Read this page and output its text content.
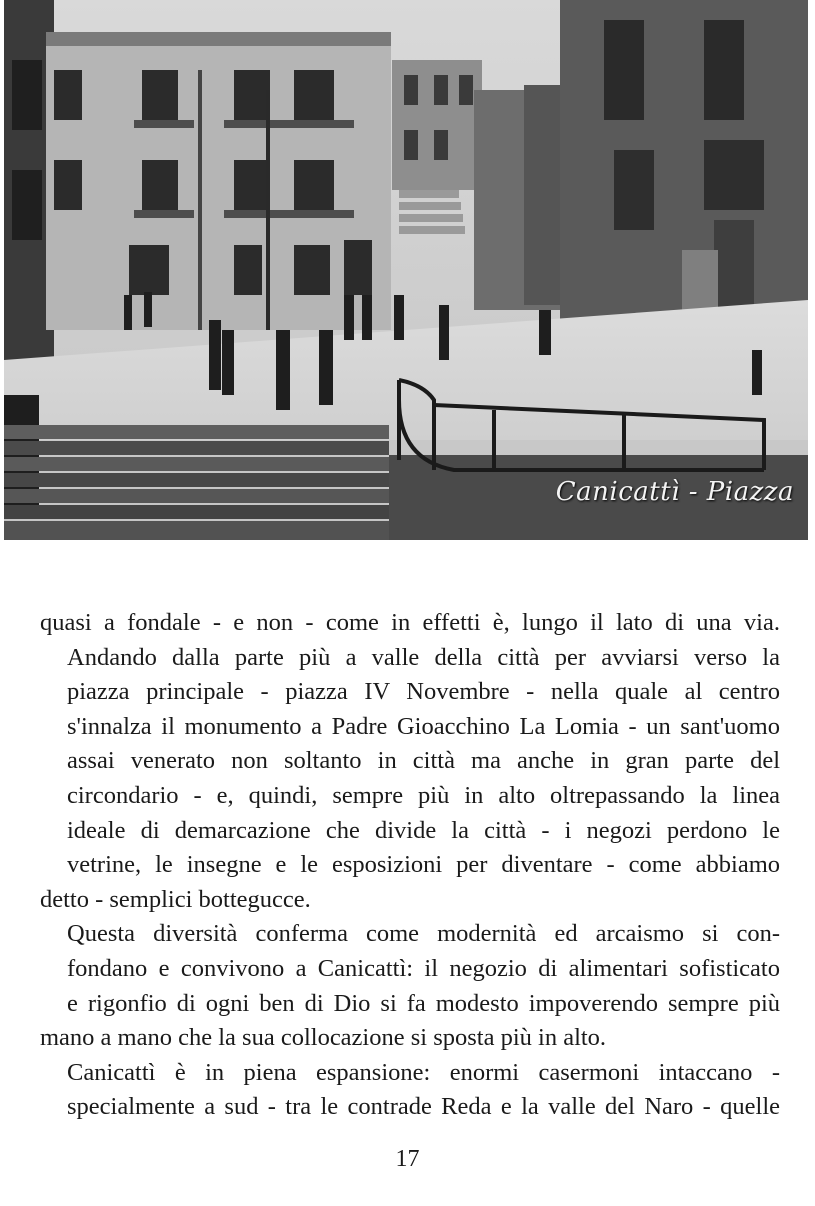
Canicattì - Piazza

quasi a fondale - e non - come in effetti è, lungo il lato di una via.

Andando dalla parte più a valle della città per avviarsi verso la
piazza principale - piazza IV Novembre - nella quale al centro
s'innalza il monumento a Padre Gioacchino La Lomia - un sant'uomo
assai venerato non soltanto in città ma anche in gran parte del
circondario - e, quindi, sempre più in alto oltrepassando la linea
ideale di demarcazione che divide la città - i negozi perdono le
vetrine, le insegne e le esposizioni per diventare - come abbiamo

detto - semplici bottegucce.

Questa diversità conferma come modernità ed arcaismo si con-
fondano e convivono a Canicattì: il negozio di alimentari sofisticato
e rigonfio di ogni ben di Dio si fa modesto impoverendo sempre più

mano a mano che la sua collocazione si sposta più in alto.

Canicattì è in piena espansione: enormi casermoni intaccano -
specialmente a sud - tra le contrade Reda e la valle del Naro - quelle

17
